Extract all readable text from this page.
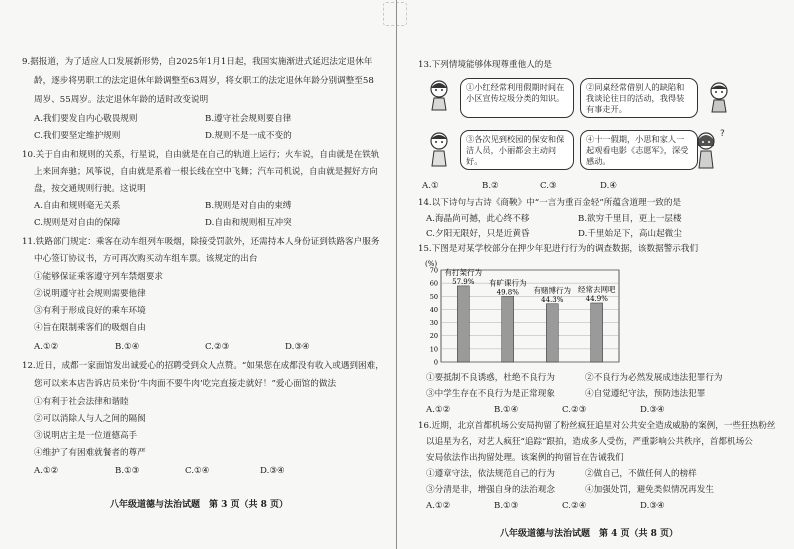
9.据报道，为了适应人口发展新形势，自2025年1月1日起，我国实施渐进式延迟法定退休年
龄，逐步将男职工的法定退休年龄调整至63周岁，将女职工的法定退休年龄分别调整至58
周岁、55周岁。法定退休年龄的适时改变说明
A.我们要发自内心敬畏规则	B.遵守社会规则要自律
C.我们要坚定维护规则	D.规则不是一成不变的
10.关于自由和规则的关系，行星说，自由就是在自己的轨道上运行；火车说，自由就是在铁轨
上来回奔驰；风筝说，自由就是系着一根长线在空中飞舞；汽车司机说，自由就是握好方向
盘，按交通规则行驶。这说明
A.自由和规则毫无关系	B.规则是对自由的束缚
C.规则是对自由的保障	D.自由和规则相互冲突
11.铁路部门规定：乘客在动车组列车吸烟，除接受罚款外，还需持本人身份证到铁路客户服务
中心签订协议书，方可再次购买动车组车票。该规定的出台
①能够保证乘客遵守列车禁烟要求
②说明遵守社会规则需要他律
③有利于形成良好的乘车环境
④旨在限制乘客们的吸烟自由
A.①②	B.①④	C.②③	D.③④
12.近日，成都一家面馆发出诚爱心的招聘受到众人点赞。“如果您在成都没有收入或遇到困难，
您可以来本店告诉店员来份‘牛肉面不要牛肉’吃完直接走就好！”爱心面馆的做法
①有利于社会法律和谐睦
②可以消除人与人之间的隔阂
③说明店主是一位道德高手
④维护了有困难就餐者的尊严
A.①②	B.①③	C.①④	D.③④
八年级道德与法治试题　第 3 页（共 8 页）
13.下列情境能够体现尊重他人的是
①小红经常利用假期时间在小区宣传垃圾分类的知识。
②同桌经常借别人的缺陷和我谈论往日的活动，我得装有事走开。
③各次见到校园的保安和保洁人员，小丽都会主动问好。
④十一假期，小思和家人一起观看电影《志愿军》，深受感动。
?
A.①	B.②	C.③	D.④
14.以下诗句与古诗《商鞅》中“一言为重百金轻”所蕴含道理一致的是
A.海晶尚可撼，此心终不移	B.欲穷千里目，更上一层楼
C.夕阳无限好，只是近黄昏	D.千里始足下，高山起微尘
15.下图是对某学校部分在押少年犯进行行为的调查数据，该数据警示我们
(%)
70
60
50
40
30
20
10
0
57.9%
有打架行为
49.8%
有旷课行为
44.3%
有赌博行为
44.9%
经常去网吧
①要抵制不良诱惑，杜绝不良行为	②不良行为必然发展成违法犯罪行为
③中学生存在不良行为是正常现象	④自觉遵纪守法，预防违法犯罪
A.①②	B.①④	C.②③	D.③④
16.近期，北京首都机场公安局拘留了粉丝疯狂追星对公共安全造成威胁的案例，一些狂热粉丝
以追星为名，对艺人疯狂“追踪”跟拍，造成多人受伤，严重影响公共秩序，首都机场公
安局依法作出拘留处理。该案例的拘留旨在告诫我们
①遵章守法，依法规范自己的行为	②做自己，不做任何人的榜样
③分清是非，增强自身的法治观念	④加强处罚，避免类似情况再发生
A.①②	B.①③	C.②④	D.③④
八年级道德与法治试题　第 4 页（共 8 页）
